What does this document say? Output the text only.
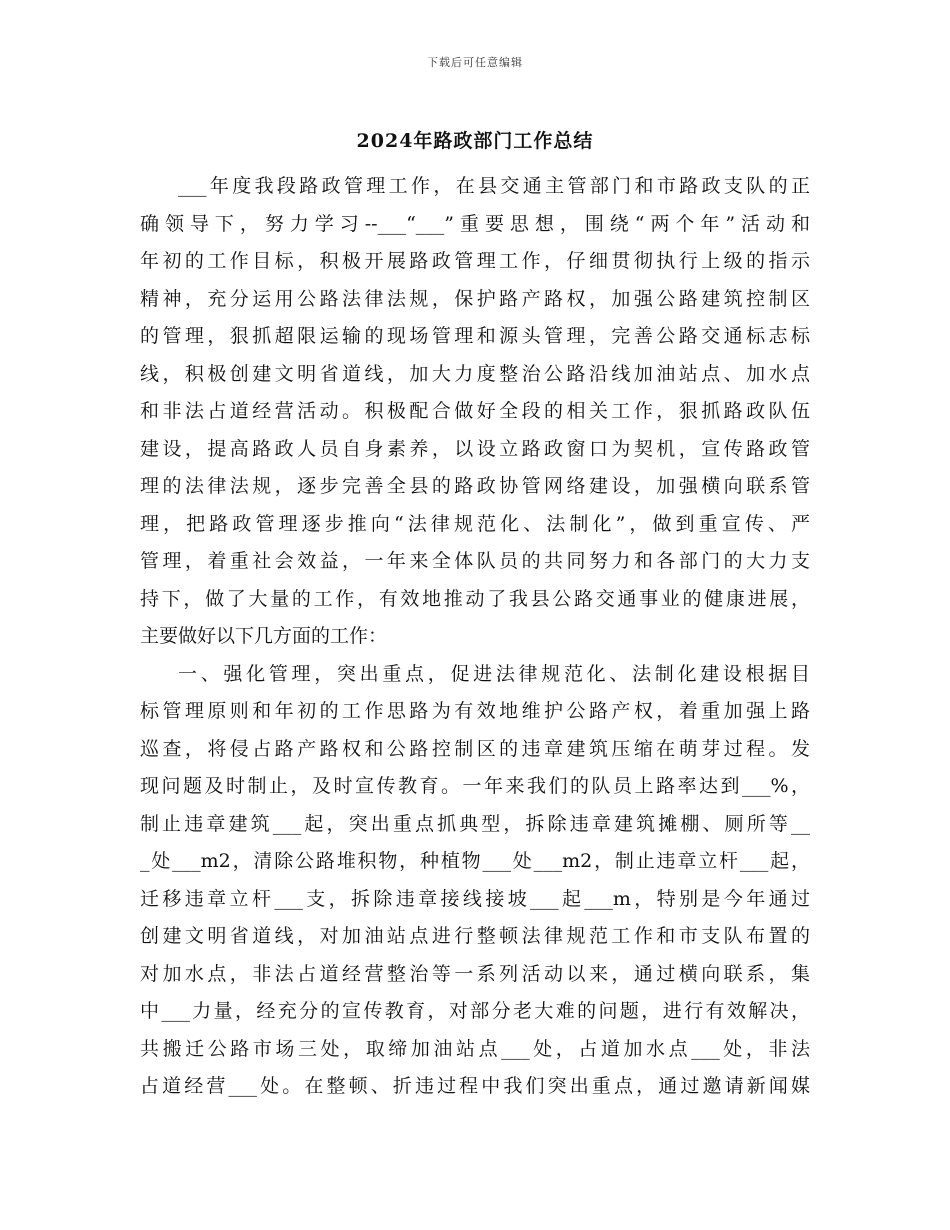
下载后可任意编辑
2024年路政部门工作总结
___年度我段路政管理工作，在县交通主管部门和市路政支队的正
确领导下，努力学习--___“___”重要思想，围绕“两个年”活动和
年初的工作目标，积极开展路政管理工作，仔细贯彻执行上级的指示
精神，充分运用公路法律法规，保护路产路权，加强公路建筑控制区
的管理，狠抓超限运输的现场管理和源头管理，完善公路交通标志标
线，积极创建文明省道线，加大力度整治公路沿线加油站点、加水点
和非法占道经营活动。积极配合做好全段的相关工作，狠抓路政队伍
建设，提高路政人员自身素养，以设立路政窗口为契机，宣传路政管
理的法律法规，逐步完善全县的路政协管网络建设，加强横向联系管
理，把路政管理逐步推向“法律规范化、法制化”，做到重宣传、严
管理，着重社会效益，一年来全体队员的共同努力和各部门的大力支
持下，做了大量的工作，有效地推动了我县公路交通事业的健康进展，
主要做好以下几方面的工作：
一、强化管理，突出重点，促进法律规范化、法制化建设根据目
标管理原则和年初的工作思路为有效地维护公路产权，着重加强上路
巡查，将侵占路产路权和公路控制区的违章建筑压缩在萌芽过程。发
现问题及时制止，及时宣传教育。一年来我们的队员上路率达到___%，
制止违章建筑___起，突出重点抓典型，拆除违章建筑摊棚、厕所等__
_处___m2，清除公路堆积物，种植物___处___m2，制止违章立杆___起，
迁移违章立杆___支，拆除违章接线接坡___起___m，特别是今年通过
创建文明省道线，对加油站点进行整顿法律规范工作和市支队布置的
对加水点，非法占道经营整治等一系列活动以来，通过横向联系，集
中___力量，经充分的宣传教育，对部分老大难的问题，进行有效解决，
共搬迁公路市场三处，取缔加油站点___处，占道加水点___处，非法
占道经营___处。在整顿、折违过程中我们突出重点，通过邀请新闻媒
